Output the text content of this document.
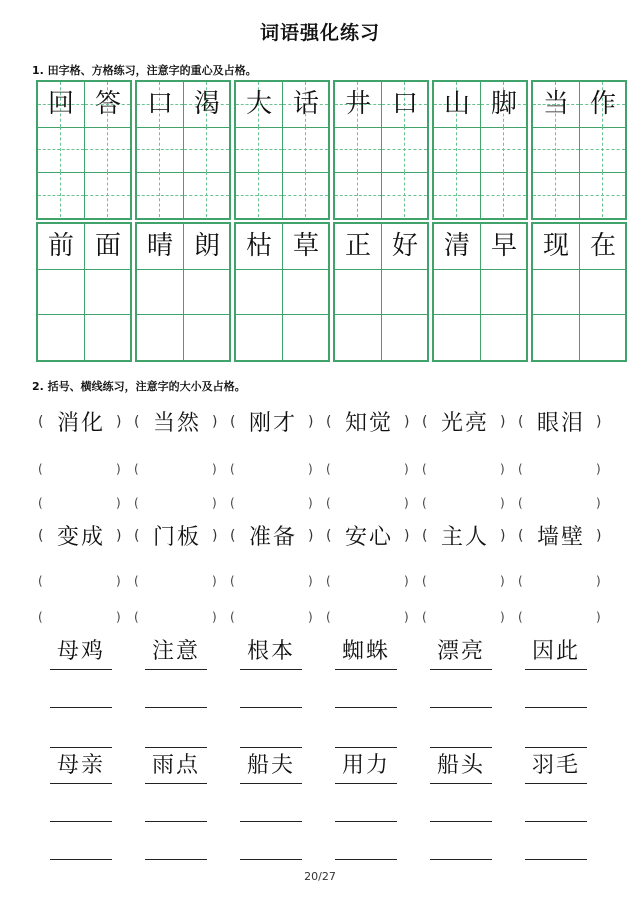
词语强化练习
1. 田字格、方格练习，注意字的重心及占格。
回 答 口 渴 大 话 井 口 山 脚 当 作
前 面 晴 朗 枯 草 正 好 清 早 现 在
2. 括号、横线练习，注意字的大小及占格。
( 消化 ) ( 当然 ) ( 刚才 ) ( 知觉 ) ( 光亮 ) ( 眼泪 )
(	) (	) (	) (	) (	) (	)
(	) (	) (	) (	) (	) (	)
( 变成 ) ( 门板 ) ( 准备 ) ( 安心 ) ( 主人 ) ( 墙壁 )
(	) (	) (	) (	) (	) (	)
(	) (	) (	) (	) (	) (	)
母鸡	注意	根本	蜘蛛	漂亮	因此
母亲	雨点	船夫	用力	船头	羽毛
20/27
